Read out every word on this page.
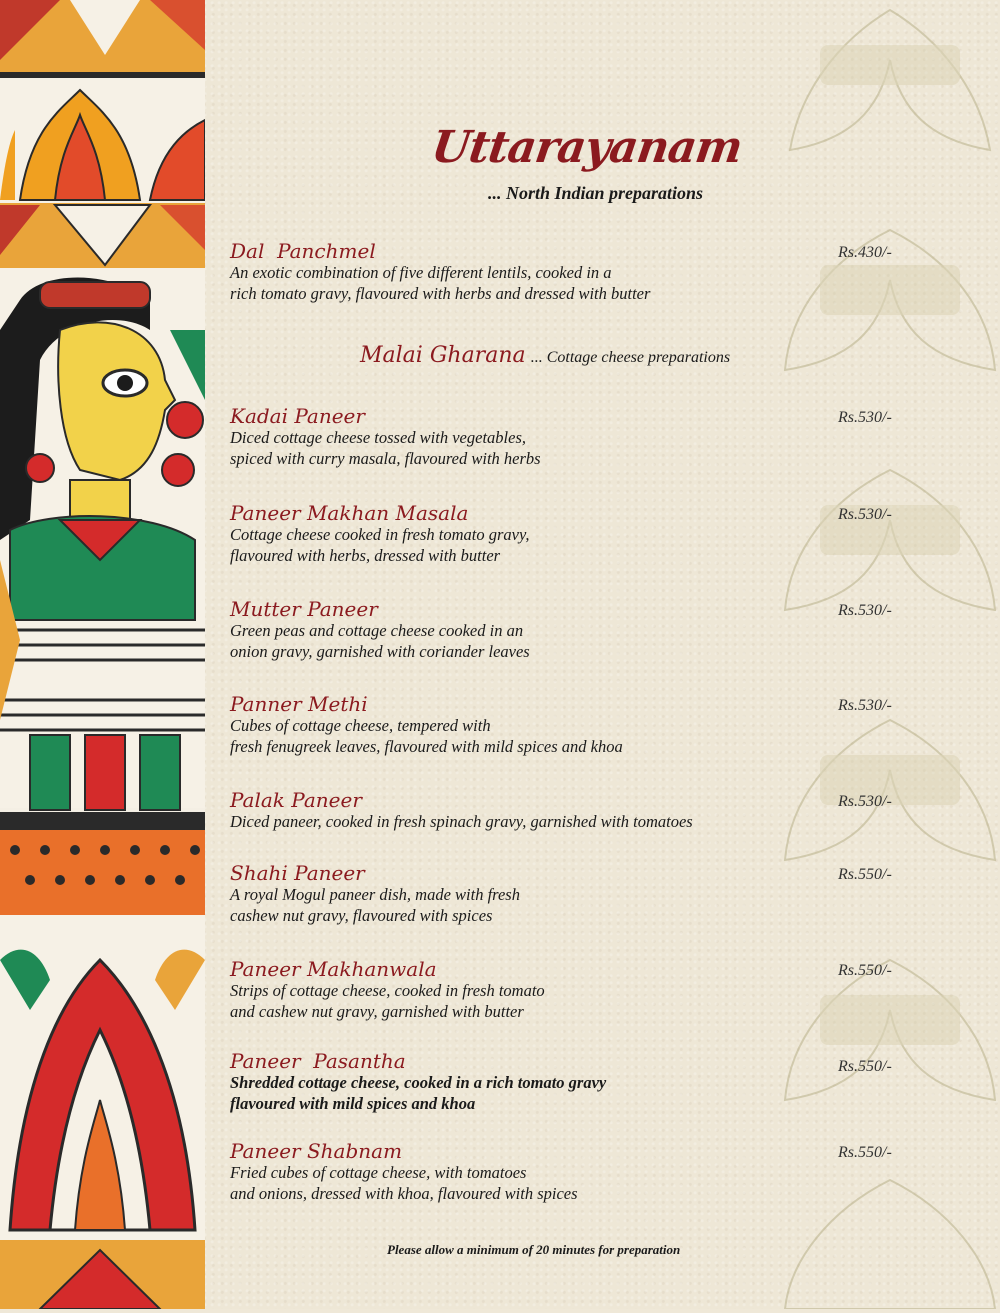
Uttarayanam
... North Indian preparations
Dal  Panchmel
An exotic combination of five different lentils, cooked in a
rich tomato gravy, flavoured with herbs and dressed with butter
Rs.430/-
Malai Gharana ... Cottage cheese preparations
Kadai Paneer
Diced cottage cheese tossed with vegetables,
spiced with curry masala, flavoured with herbs
Rs.530/-
Paneer Makhan Masala
Cottage cheese cooked in fresh tomato gravy,
flavoured with herbs, dressed with butter
Rs.530/-
Mutter Paneer
Green peas and cottage cheese cooked in an
onion gravy, garnished with coriander leaves
Rs.530/-
Panner Methi
Cubes of cottage cheese, tempered with
fresh fenugreek leaves, flavoured with mild spices and khoa
Rs.530/-
Palak Paneer
Diced paneer, cooked in fresh spinach gravy, garnished with tomatoes
Rs.530/-
Shahi Paneer
A royal Mogul paneer dish, made with fresh
cashew nut gravy, flavoured with spices
Rs.550/-
Paneer Makhanwala
Strips of cottage cheese, cooked in fresh tomato
and cashew nut gravy, garnished with butter
Rs.550/-
Paneer  Pasantha
Shredded cottage cheese, cooked in a rich tomato gravy
flavoured with mild spices and khoa
Rs.550/-
Paneer Shabnam
Fried cubes of cottage cheese, with tomatoes
and onions, dressed with khoa, flavoured with spices
Rs.550/-
Please allow a minimum of 20 minutes for preparation
